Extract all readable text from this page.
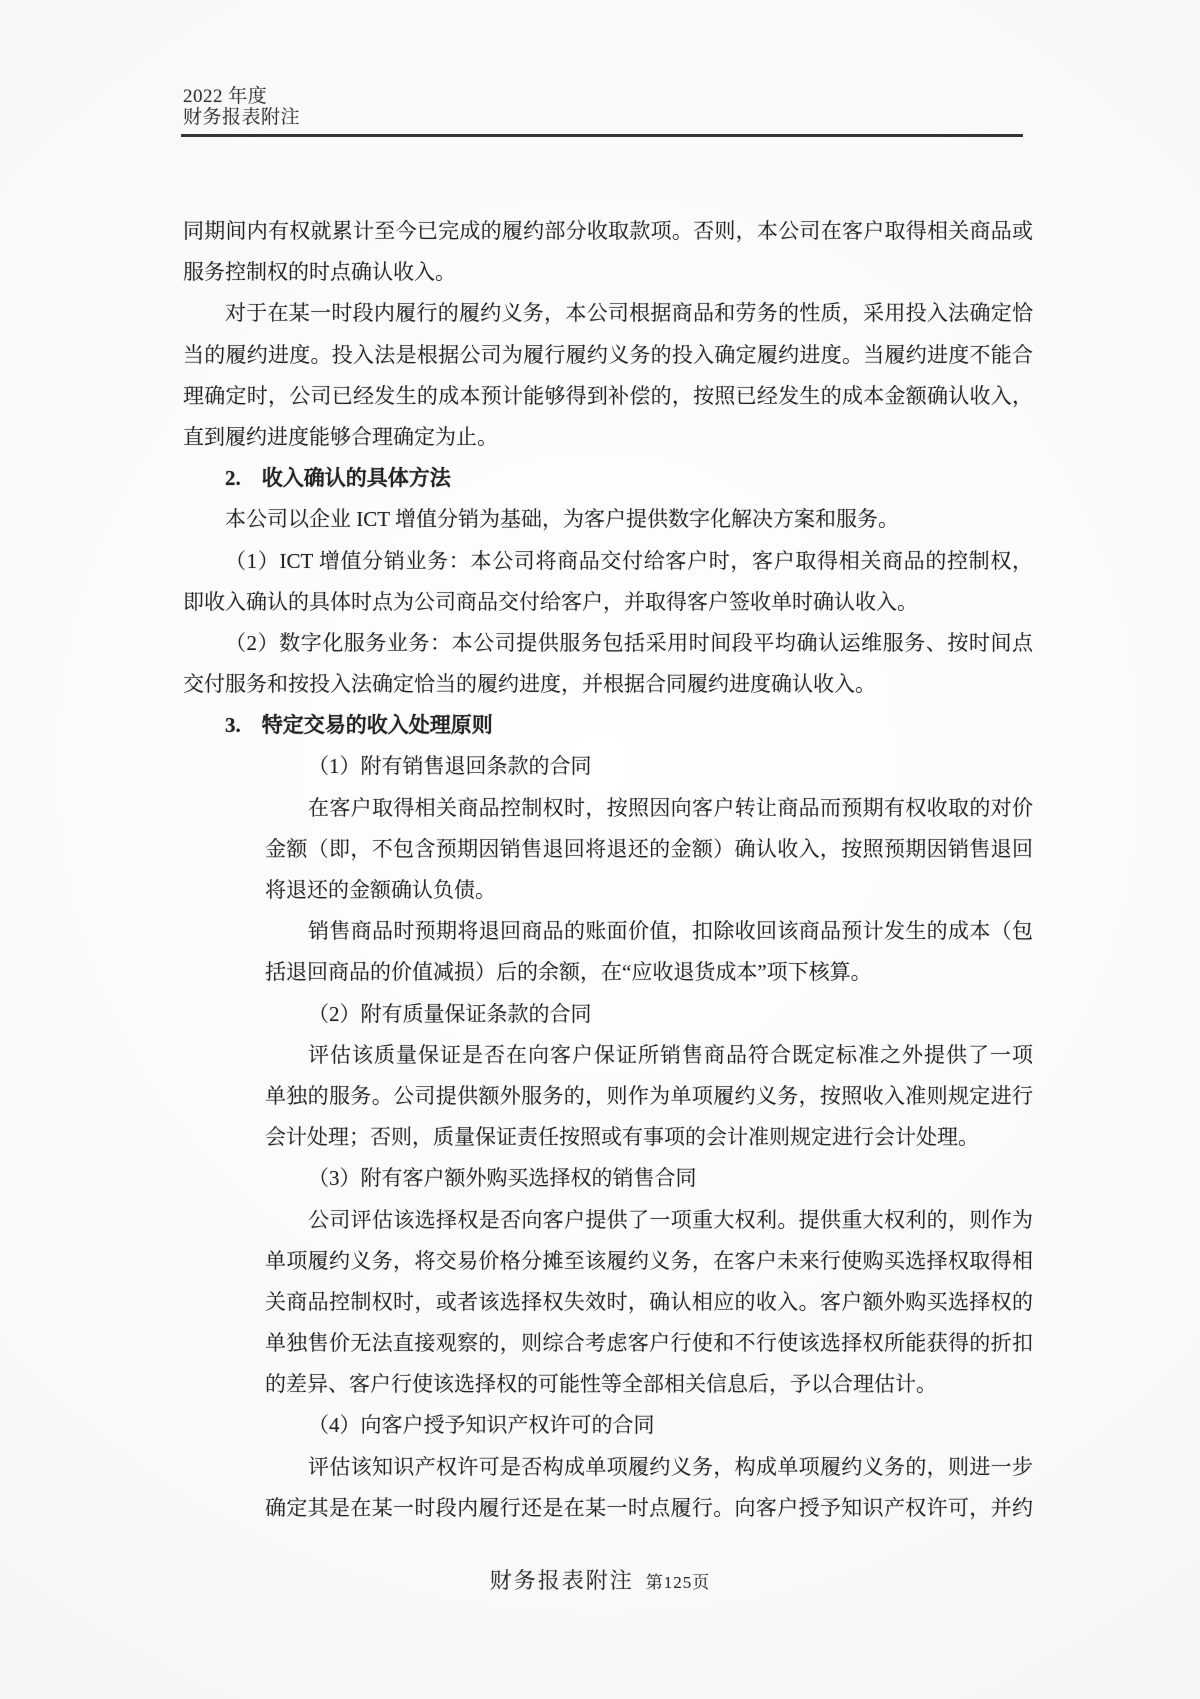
2022 年度

财务报表附注

同期间内有权就累计至今已完成的履约部分收取款项。否则，本公司在客户取得相关商品或

服务控制权的时点确认收入。

对于在某一时段内履行的履约义务，本公司根据商品和劳务的性质，采用投入法确定恰

当的履约进度。投入法是根据公司为履行履约义务的投入确定履约进度。当履约进度不能合

理确定时，公司已经发生的成本预计能够得到补偿的，按照已经发生的成本金额确认收入，

直到履约进度能够合理确定为止。

2.　收入确认的具体方法

本公司以企业 ICT 增值分销为基础，为客户提供数字化解决方案和服务。

（1）ICT 增值分销业务：本公司将商品交付给客户时，客户取得相关商品的控制权，

即收入确认的具体时点为公司商品交付给客户，并取得客户签收单时确认收入。

（2）数字化服务业务：本公司提供服务包括采用时间段平均确认运维服务、按时间点

交付服务和按投入法确定恰当的履约进度，并根据合同履约进度确认收入。

3.　特定交易的收入处理原则

（1）附有销售退回条款的合同

在客户取得相关商品控制权时，按照因向客户转让商品而预期有权收取的对价

金额（即，不包含预期因销售退回将退还的金额）确认收入，按照预期因销售退回

将退还的金额确认负债。

销售商品时预期将退回商品的账面价值，扣除收回该商品预计发生的成本（包

括退回商品的价值减损）后的余额，在“应收退货成本”项下核算。

（2）附有质量保证条款的合同

评估该质量保证是否在向客户保证所销售商品符合既定标准之外提供了一项

单独的服务。公司提供额外服务的，则作为单项履约义务，按照收入准则规定进行

会计处理；否则，质量保证责任按照或有事项的会计准则规定进行会计处理。

（3）附有客户额外购买选择权的销售合同

公司评估该选择权是否向客户提供了一项重大权利。提供重大权利的，则作为

单项履约义务，将交易价格分摊至该履约义务，在客户未来行使购买选择权取得相

关商品控制权时，或者该选择权失效时，确认相应的收入。客户额外购买选择权的

单独售价无法直接观察的，则综合考虑客户行使和不行使该选择权所能获得的折扣

的差异、客户行使该选择权的可能性等全部相关信息后，予以合理估计。

（4）向客户授予知识产权许可的合同

评估该知识产权许可是否构成单项履约义务，构成单项履约义务的，则进一步

确定其是在某一时段内履行还是在某一时点履行。向客户授予知识产权许可，并约

财务报表附注 第125页
